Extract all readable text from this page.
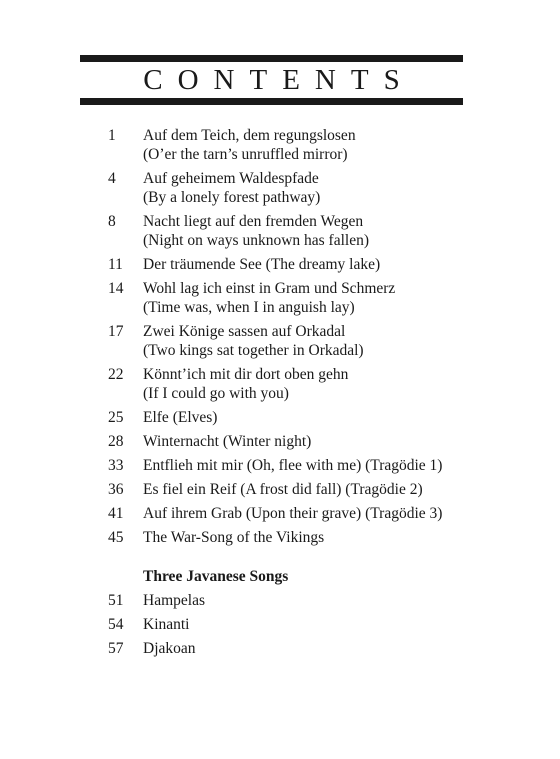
CONTENTS
1	Auf dem Teich, dem regungslosen
(O’er the tarn’s unruffled mirror)
4	Auf geheimem Waldespfade
(By a lonely forest pathway)
8	Nacht liegt auf den fremden Wegen
(Night on ways unknown has fallen)
11	Der träumende See (The dreamy lake)
14	Wohl lag ich einst in Gram und Schmerz
(Time was, when I in anguish lay)
17	Zwei Könige sassen auf Orkadal
(Two kings sat together in Orkadal)
22	Könnt’ich mit dir dort oben gehn
(If I could go with you)
25	Elfe (Elves)
28	Winternacht (Winter night)
33	Entflieh mit mir (Oh, flee with me) (Tragödie 1)
36	Es fiel ein Reif (A frost did fall) (Tragödie 2)
41	Auf ihrem Grab (Upon their grave) (Tragödie 3)
45	The War-Song of the Vikings
Three Javanese Songs
51	Hampelas
54	Kinanti
57	Djakoan
